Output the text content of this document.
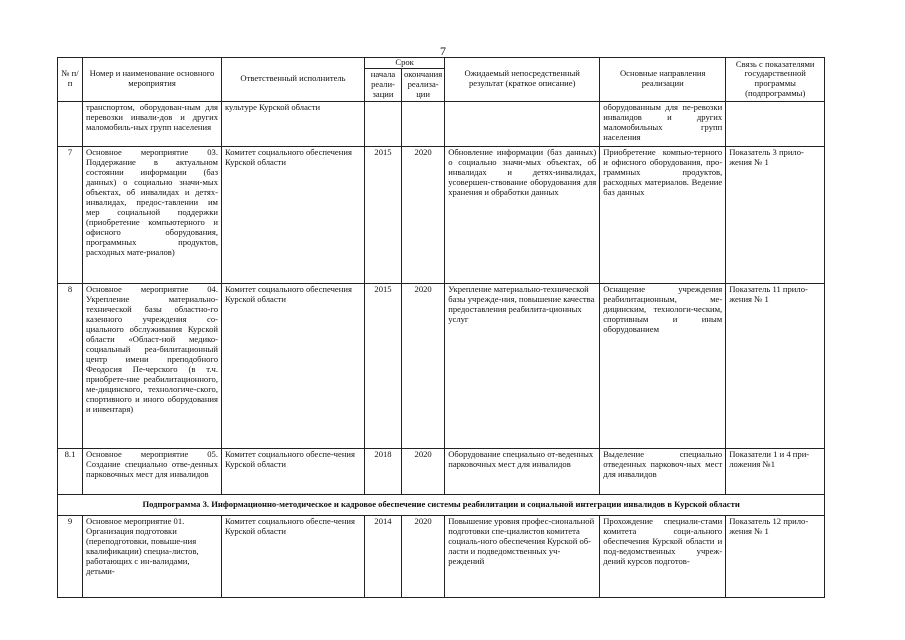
7
№ п/п	Номер и наименование основного мероприятия	Ответственный исполнитель	Срок		Ожидаемый непосредственный результат (краткое описание)	Основные направления реализации	Связь с показателями государственной программы (подпрограммы)
			начала реали-зации	окончания реализа-ции			
	транспортом, оборудован-ным для перевозки инвали-дов и других маломобиль-ных групп населения	культуре Курской области				оборудованным для пе-ревозки инвалидов и других маломобильных групп населения	
7	Основное мероприятие 03. Поддержание в актуальном состоянии информации (баз данных) о социально значи-мых объектах, об инвалидах и детях-инвалидах, предос-тавлении им мер социальной поддержки (приобретение компьютерного и офисного оборудования, программных продуктов, расходных мате-риалов)	Комитет социального обеспечения Курской области	2015	2020	Обновление информации (баз данных) о социально значи-мых объектах, об инвалидах и детях-инвалидах, усовершен-ствование оборудования для хранения и обработки данных	Приобретение компью-терного и офисного оборудования, про-граммных продуктов, расходных материалов. Ведение баз данных	Показатель 3 прило-жения № 1
8	Основное мероприятие 04. Укрепление материально-технической базы областно-го казенного учреждения со-циального обслуживания Курской области «Област-ной медико-социальный реа-билитационный центр имени преподобного Феодосия Пе-черского (в т.ч. приобрете-ние реабилитационного, ме-дицинского, технологиче-ского, спортивного и иного оборудования и инвентаря)	Комитет социального обеспечения Курской области	2015	2020	Укрепление материально-технической базы учрежде-ния, повышение качества предоставления реабилита-ционных услуг	Оснащение учреждения реабилитационным, ме-дицинским, технологи-ческим, спортивным и иным оборудованием	Показатель 11 прило-жения № 1
8.1	Основное мероприятие 05. Создание специально отве-денных парковочных мест для инвалидов	Комитет социального обеспе-чения Курской области	2018	2020	Оборудование специально от-веденных парковочных мест для инвалидов	Выделение специально отведенных парковоч-ных мест для инвалидов	Показатели 1 и 4 при-ложения №1
Подпрограмма 3. Информационно-методическое и кадровое обеспечение системы реабилитации и социальной интеграции инвалидов в Курской области							
9	Основное мероприятие 01. Организация подготовки (переподготовки, повыше-ния квалификации) специа-листов, работающих с ин-валидами, детьми-	Комитет социального обеспе-чения Курской области	2014	2020	Повышение уровня профес-сиональной подготовки спе-циалистов комитета социаль-ного обеспечения Курской об-ласти и подведомственных уч-реждений	Прохождение специали-стами комитета соци-ального обеспечения Курской области и под-ведомственных учреж-дений курсов подготов-	Показатель 12 прило-жения № 1
